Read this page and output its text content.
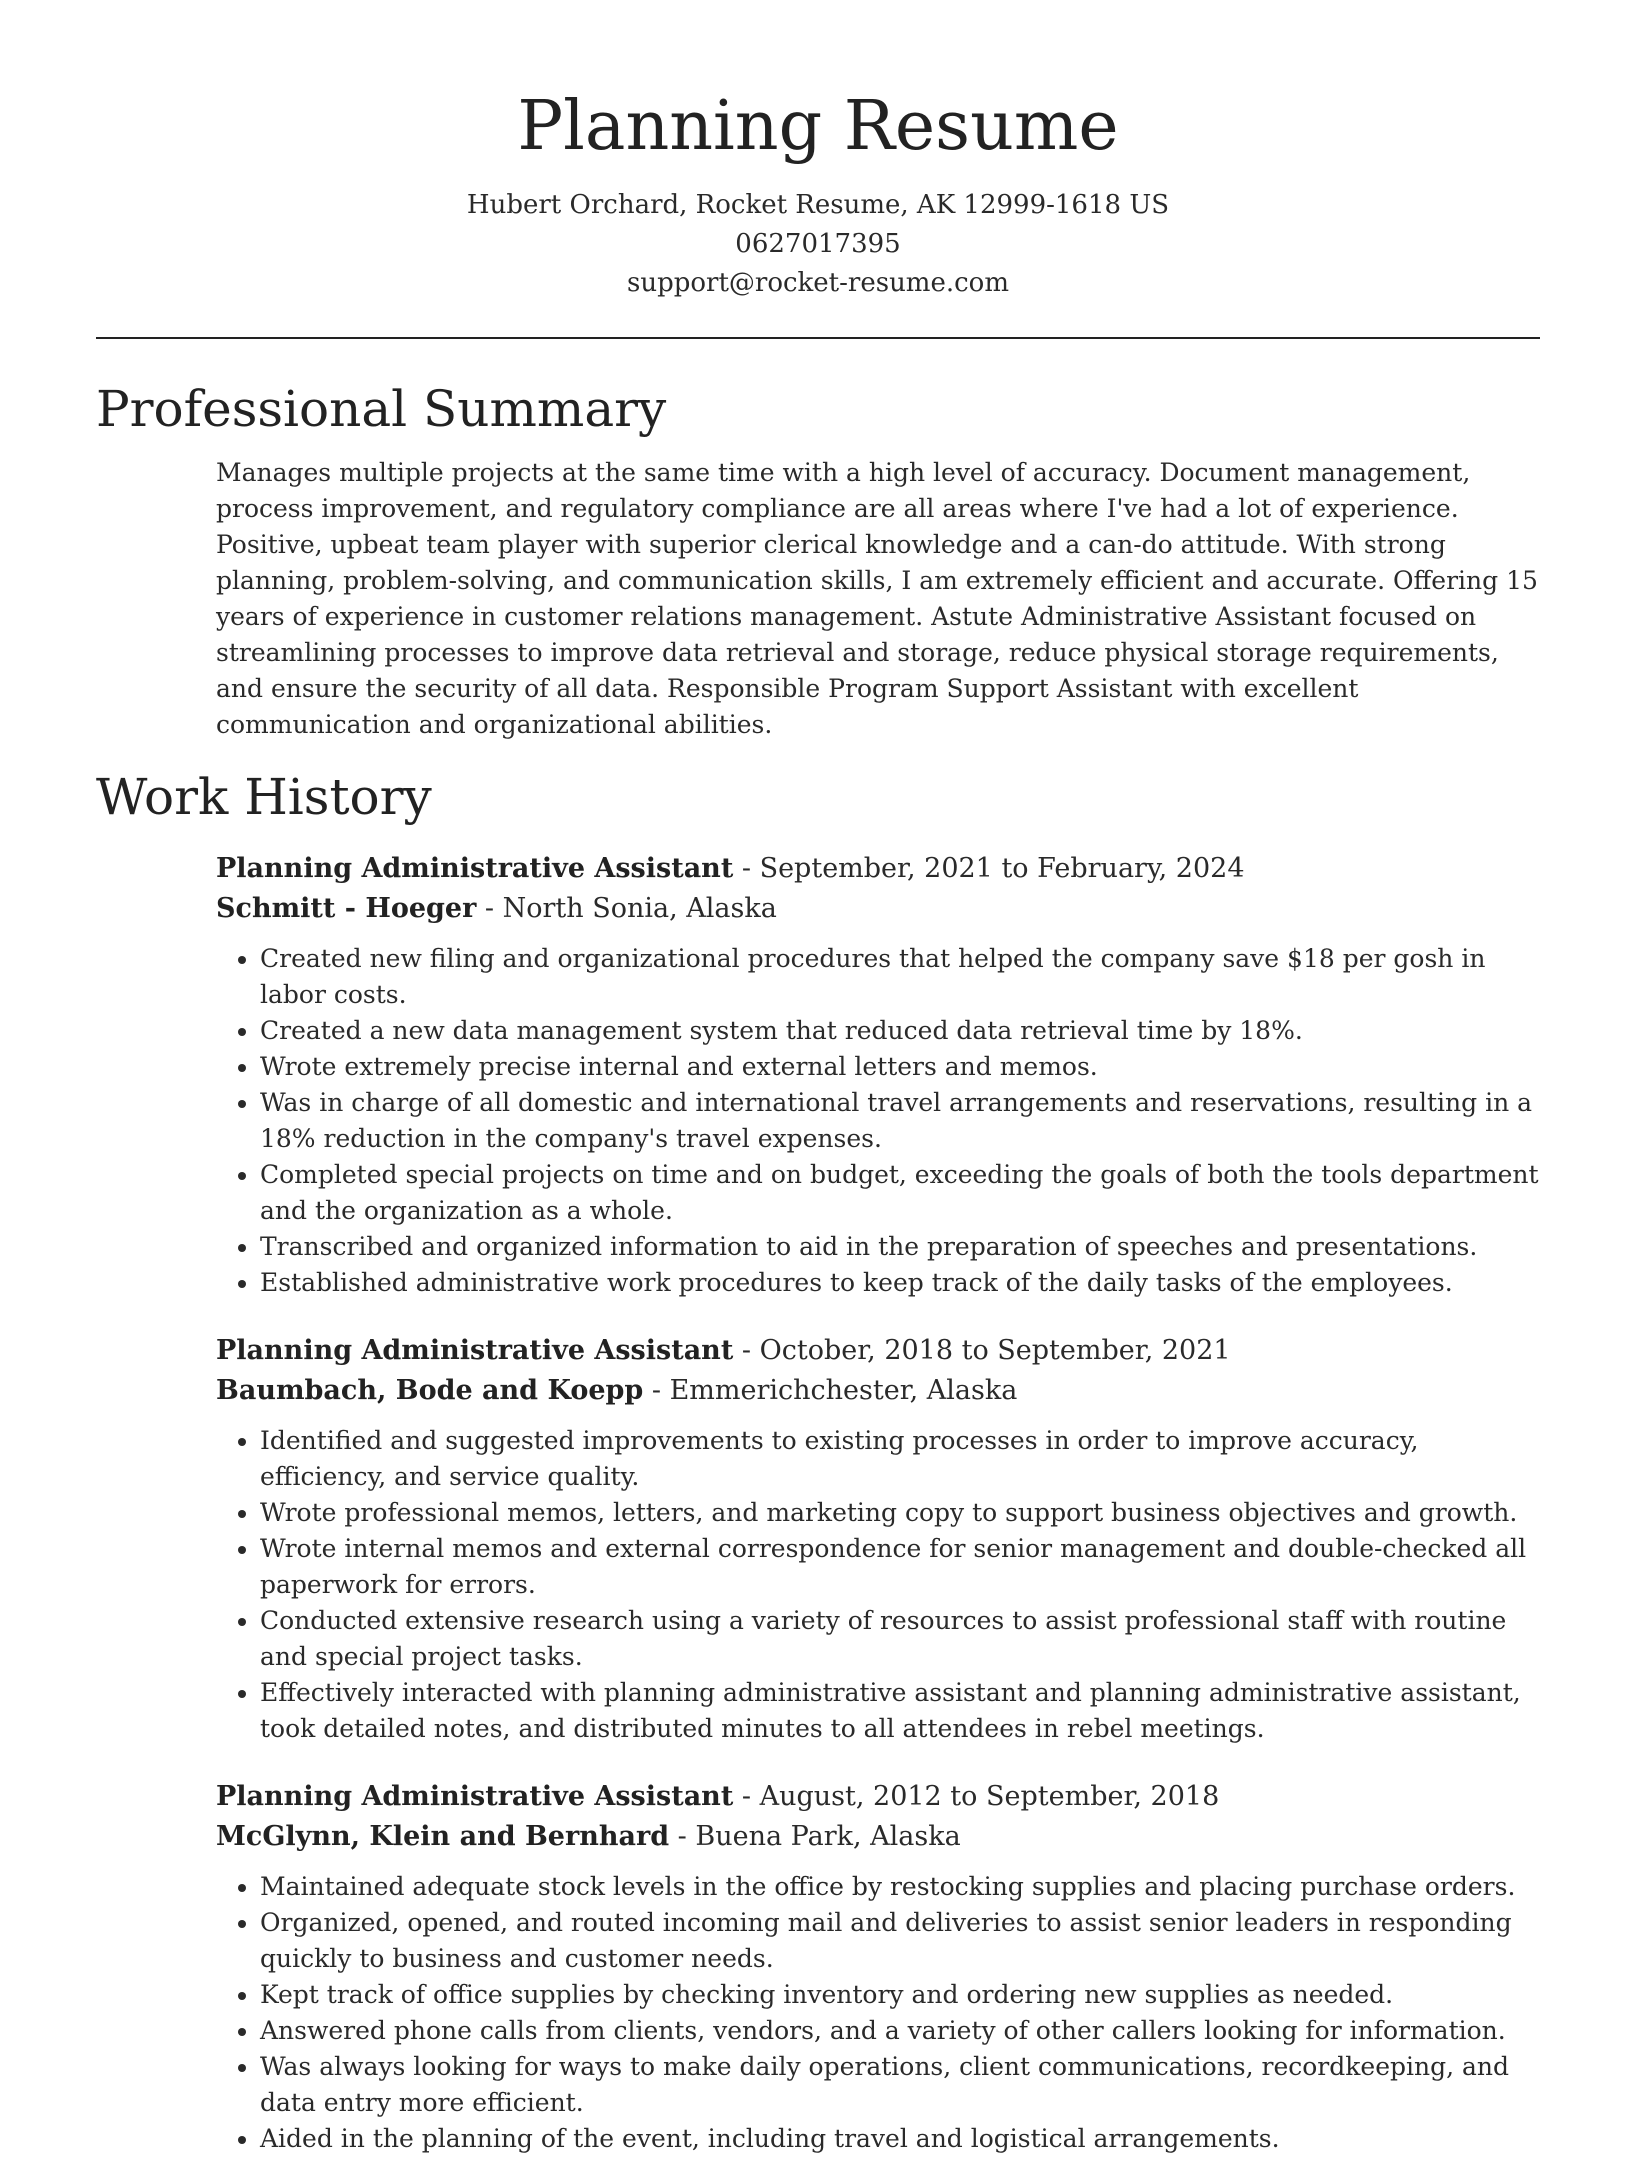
Planning Resume
Hubert Orchard, Rocket Resume, AK 12999-1618 US
0627017395
support@rocket-resume.com
Professional Summary
Manages multiple projects at the same time with a high level of accuracy. Document management, process improvement, and regulatory compliance are all areas where I've had a lot of experience. Positive, upbeat team player with superior clerical knowledge and a can-do attitude. With strong planning, problem-solving, and communication skills, I am extremely efficient and accurate. Offering 15 years of experience in customer relations management. Astute Administrative Assistant focused on streamlining processes to improve data retrieval and storage, reduce physical storage requirements, and ensure the security of all data. Responsible Program Support Assistant with excellent communication and organizational abilities.
Work History
Planning Administrative Assistant - September, 2021 to February, 2024
Schmitt - Hoeger - North Sonia, Alaska
• Created new filing and organizational procedures that helped the company save $18 per gosh in labor costs.
• Created a new data management system that reduced data retrieval time by 18%.
• Wrote extremely precise internal and external letters and memos.
• Was in charge of all domestic and international travel arrangements and reservations, resulting in a 18% reduction in the company's travel expenses.
• Completed special projects on time and on budget, exceeding the goals of both the tools department and the organization as a whole.
• Transcribed and organized information to aid in the preparation of speeches and presentations.
• Established administrative work procedures to keep track of the daily tasks of the employees.
Planning Administrative Assistant - October, 2018 to September, 2021
Baumbach, Bode and Koepp - Emmerichchester, Alaska
• Identified and suggested improvements to existing processes in order to improve accuracy, efficiency, and service quality.
• Wrote professional memos, letters, and marketing copy to support business objectives and growth.
• Wrote internal memos and external correspondence for senior management and double-checked all paperwork for errors.
• Conducted extensive research using a variety of resources to assist professional staff with routine and special project tasks.
• Effectively interacted with planning administrative assistant and planning administrative assistant, took detailed notes, and distributed minutes to all attendees in rebel meetings.
Planning Administrative Assistant - August, 2012 to September, 2018
McGlynn, Klein and Bernhard - Buena Park, Alaska
• Maintained adequate stock levels in the office by restocking supplies and placing purchase orders.
• Organized, opened, and routed incoming mail and deliveries to assist senior leaders in responding quickly to business and customer needs.
• Kept track of office supplies by checking inventory and ordering new supplies as needed.
• Answered phone calls from clients, vendors, and a variety of other callers looking for information.
• Was always looking for ways to make daily operations, client communications, recordkeeping, and data entry more efficient.
• Aided in the planning of the event, including travel and logistical arrangements.
